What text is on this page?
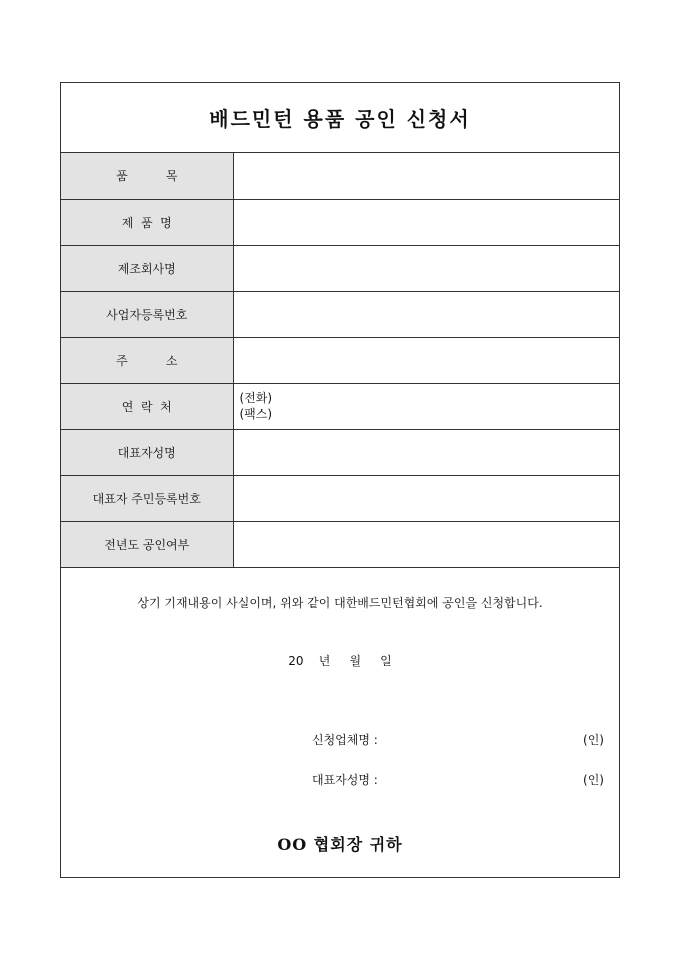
배드민턴 용품 공인 신청서
품          목	
제  품  명	
제조회사명	
사업자등록번호	
주          소	
연  락  처	(전화)
(팩스)

대표자성명	
대표자 주민등록번호	
전년도 공인여부	
상기 기재내용이 사실이며, 위와 같이 대한배드민턴협회에 공인을 신청합니다.
20    년     월     일
신청업체명 :	(인)
대표자성명 :	(인)
OO 협회장 귀하
